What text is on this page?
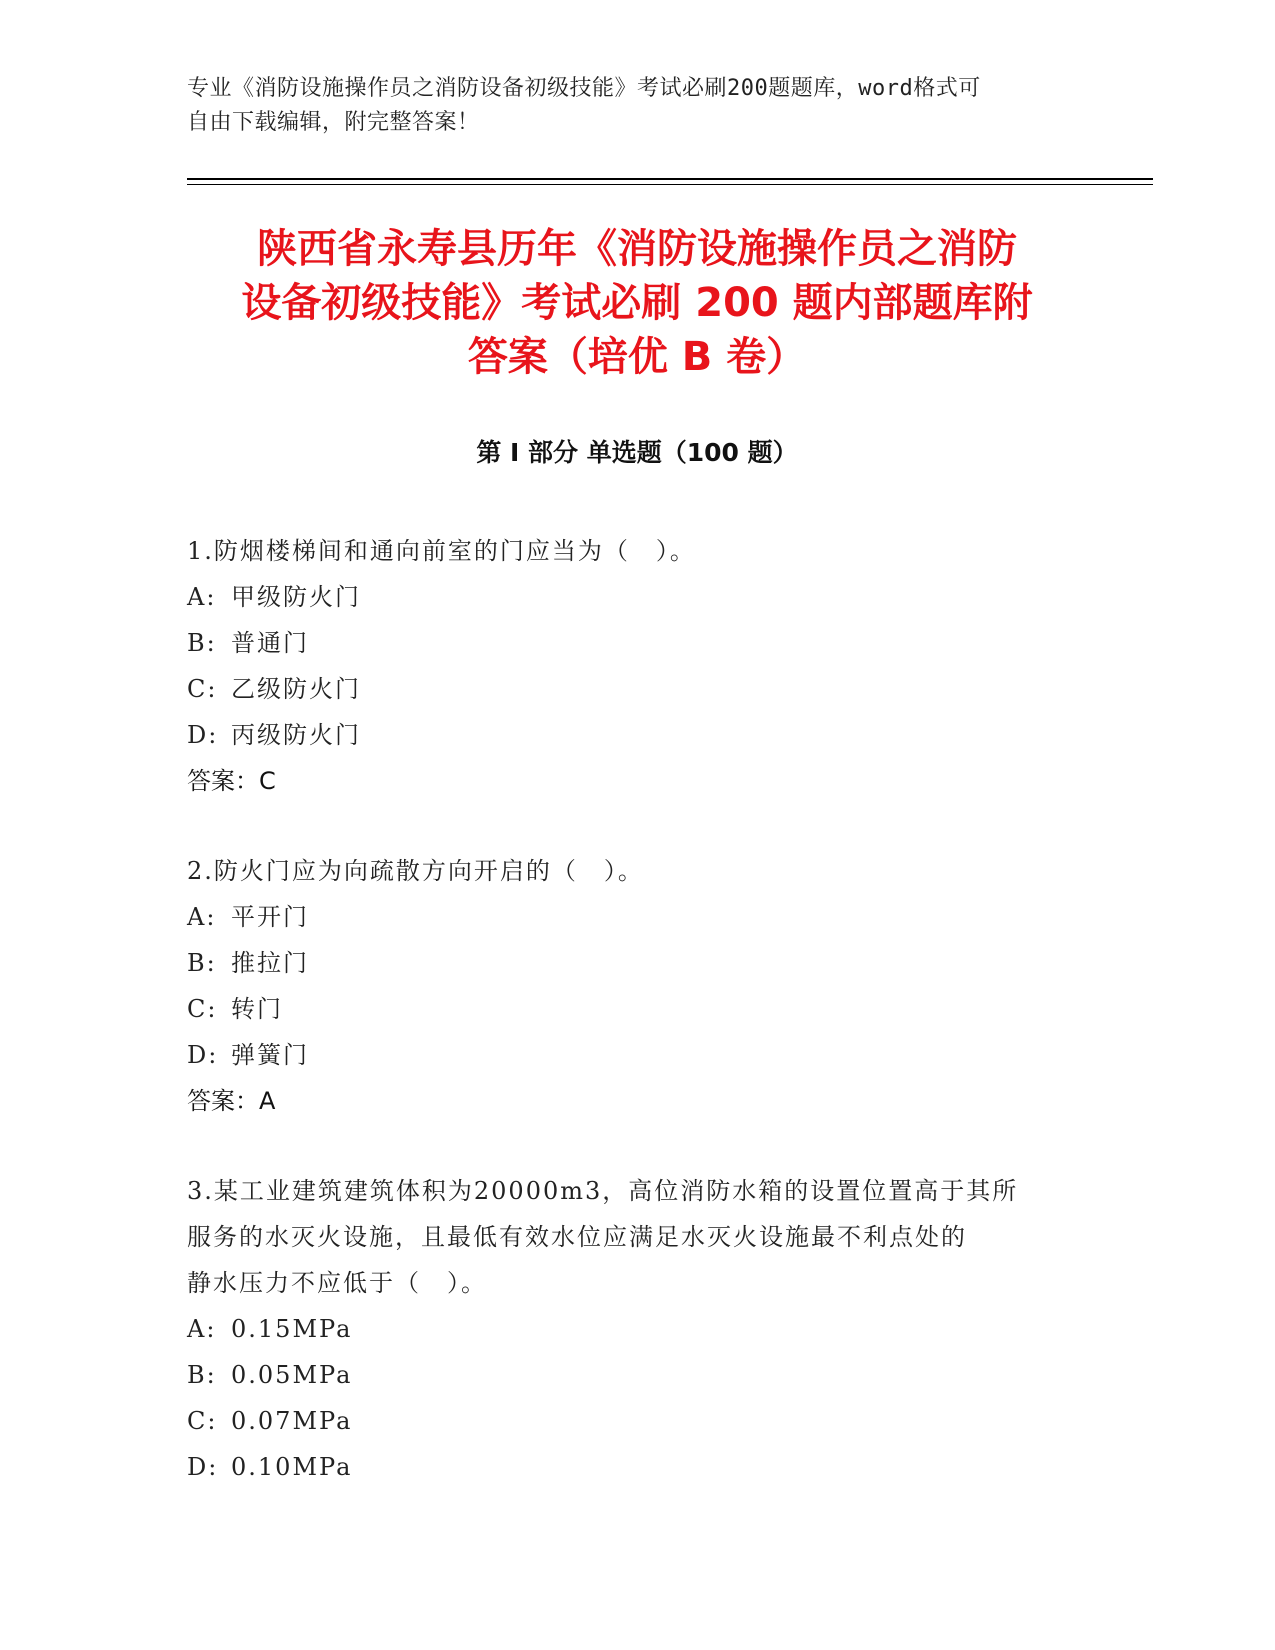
专业《消防设施操作员之消防设备初级技能》考试必刷200题题库，word格式可
自由下载编辑，附完整答案！
陕西省永寿县历年《消防设施操作员之消防
设备初级技能》考试必刷 200 题内部题库附
答案（培优 B 卷）
第 I 部分 单选题（100 题）
1.防烟楼梯间和通向前室的门应当为（　）。
A: 甲级防火门
B: 普通门
C: 乙级防火门
D: 丙级防火门
答案：C
2.防火门应为向疏散方向开启的（　）。
A: 平开门
B: 推拉门
C: 转门
D: 弹簧门
答案：A
3.某工业建筑建筑体积为20000m3，高位消防水箱的设置位置高于其所
服务的水灭火设施，且最低有效水位应满足水灭火设施最不利点处的
静水压力不应低于（　）。
A: 0.15MPa
B: 0.05MPa
C: 0.07MPa
D: 0.10MPa
